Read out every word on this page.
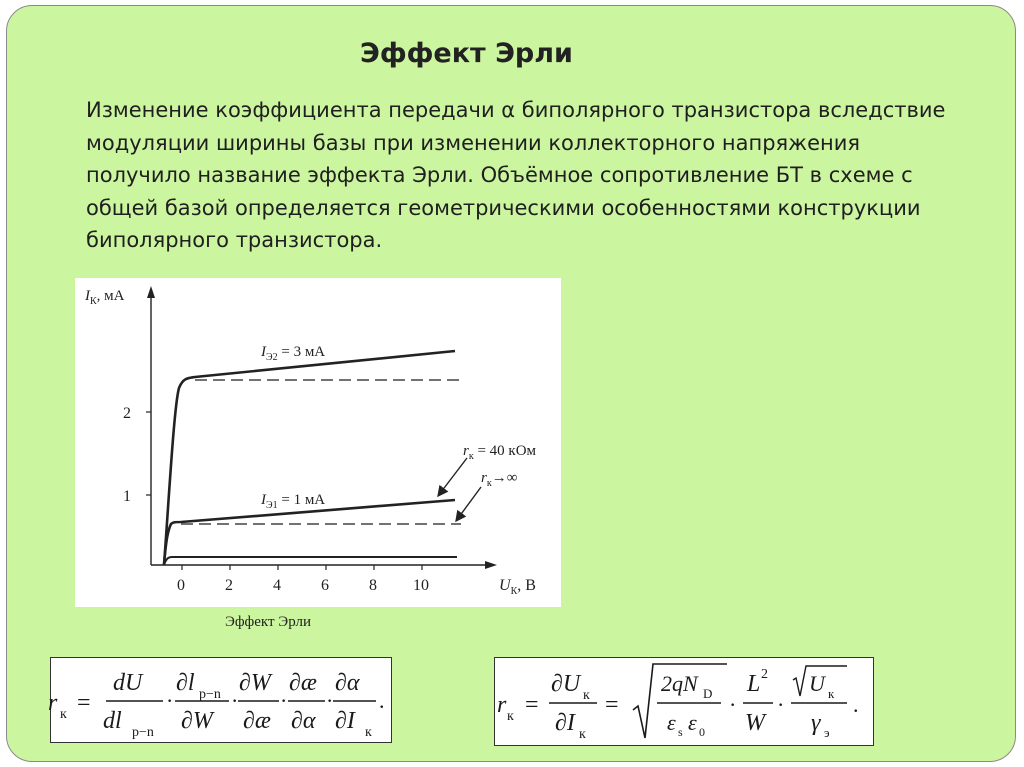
Эффект Эрли
Изменение коэффициента передачи α биполярного транзистора вследствие модуляции ширины базы при изменении коллекторного напряжения получило название эффекта Эрли. Объёмное сопротивление БТ в схеме с общей базой определяется геометрическими особенностями конструкции биполярного транзистора.
$I_К$, мА
1
2
0	2	4	6	8 10	$U_К$, В
$I_{Э2} = 3$ мА
$I_{Э1} = 1$ мА
$r_к = 40$ кОм
$r_к\to\infty$
Эффект Эрли
r к =
dU
dl p−n
·
∂l p−n
∂W
·
∂W
∂æ
·
∂æ
∂α
·
∂α
∂I к
.	r к =
∂U к
∂I к
=
2qN D
ε s ε 0
·
L 2
W
·
U к
γ э
.
